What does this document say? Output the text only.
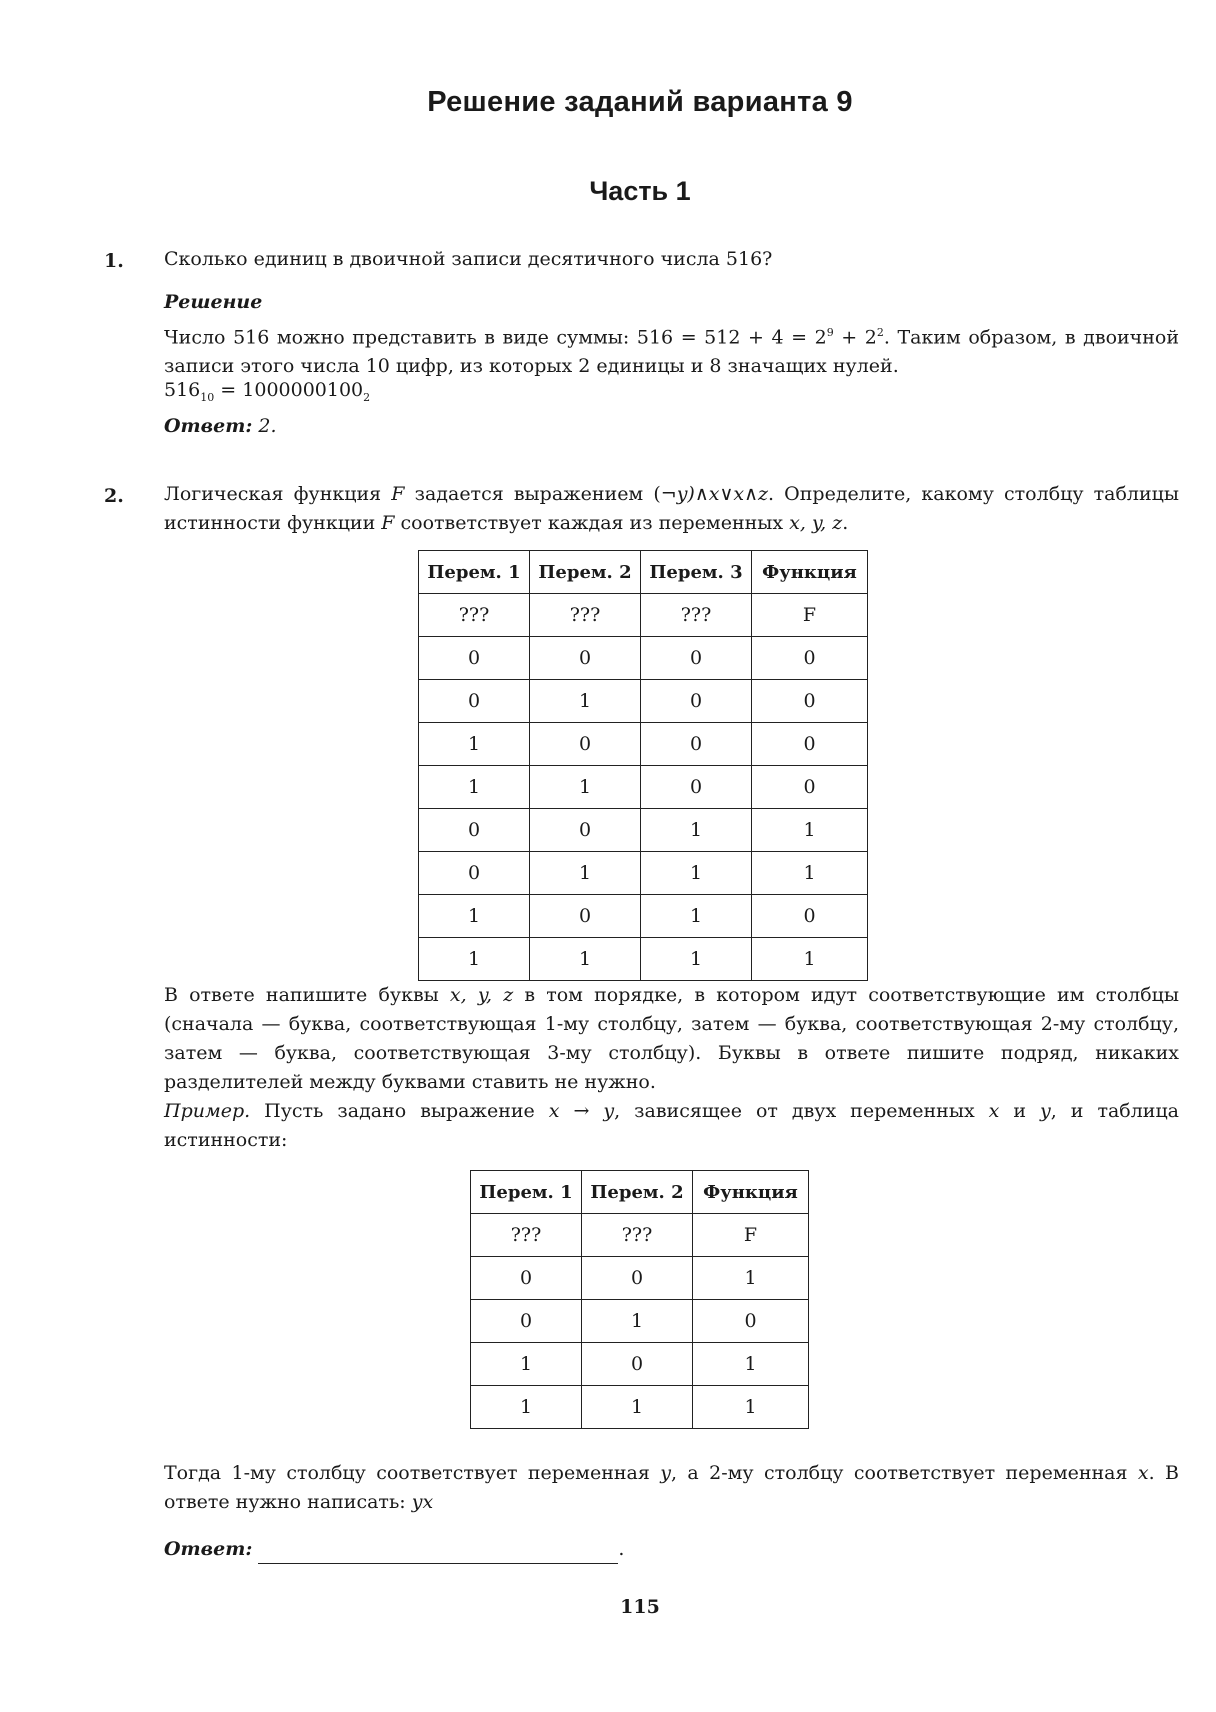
Решение заданий варианта 9
Часть 1
1. Сколько единиц в двоичной записи десятичного числа 516?
Решение
Число 516 можно представить в виде суммы: $516 = 512 + 4 = 2^9 + 2^2$. Таким образом, в двоичной записи этого числа 10 цифр, из которых 2 единицы и 8 значащих нулей.
$516_{10} = 1000000100_2$
Ответ: 2.
2. Логическая функция F задается выражением (¬y)∧x∨x∧z. Определите, какому столбцу таблицы истинности функции F соответствует каждая из переменных x, y, z.
Перем. 1	Перем. 2	Перем. 3	Функция
???	???	???	F
0	0	0	0
0	1	0	0
1	0	0	0
1	1	0	0
0	0	1	1
0	1	1	1
1	0	1	0
1	1	1	1
В ответе напишите буквы x, y, z в том порядке, в котором идут соответствующие им столбцы (сначала — буква, соответствующая 1-му столбцу, затем — буква, соответствующая 2-му столбцу, затем — буква, соответствующая 3-му столбцу). Буквы в ответе пишите подряд, никаких разделителей между буквами ставить не нужно.
Пример. Пусть задано выражение x → y, зависящее от двух переменных x и y, и таблица истинности:
Перем. 1	Перем. 2	Функция
???	???	F
0	0	1
0	1	0
1	0	1
1	1	1
Тогда 1-му столбцу соответствует переменная y, а 2-му столбцу соответствует переменная x. В ответе нужно написать: yx
Ответ:	.
115
